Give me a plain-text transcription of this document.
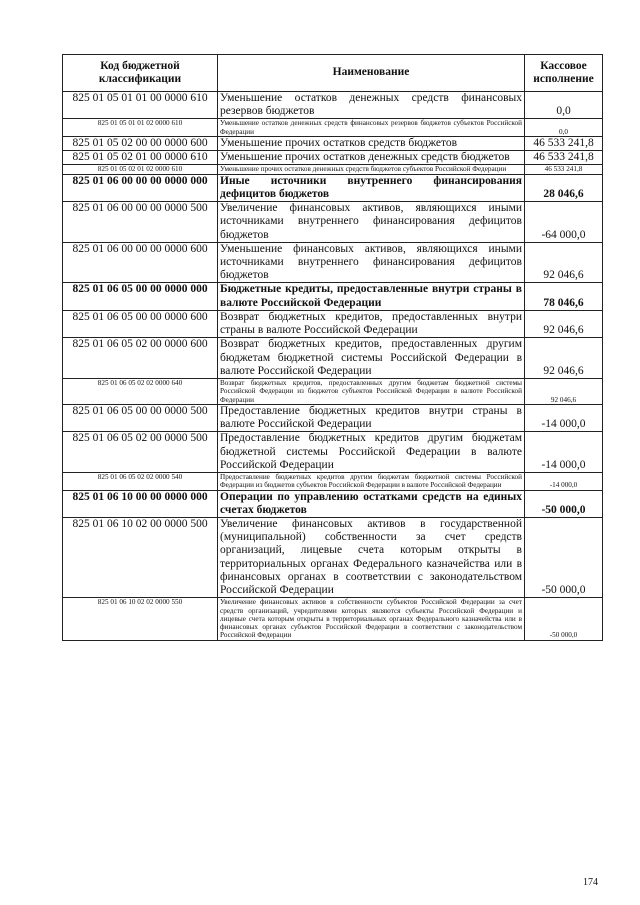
Код бюджетной классификации	Наименование	Кассовое исполнение
825 01 05 01 01 00 0000 610	Уменьшение остатков денежных средств финансовых резервов бюджетов	0,0
825 01 05 01 01 02 0000 610	Уменьшение остатков денежных средств финансовых резервов бюджетов субъектов Российской Федерации	0,0
825 01 05 02 00 00 0000 600	Уменьшение прочих остатков средств бюджетов	46 533 241,8
825 01 05 02 01 00 0000 610	Уменьшение прочих остатков денежных средств бюджетов	46 533 241,8
825 01 05 02 01 02 0000 610	Уменьшение прочих остатков денежных средств бюджетов субъектов Российской Федерации	46 533 241,8
825 01 06 00 00 00 0000 000	Иные источники внутреннего финансирования дефицитов бюджетов	28 046,6
825 01 06 00 00 00 0000 500	Увеличение финансовых активов, являющихся иными источниками внутреннего финансирования дефицитов бюджетов	-64 000,0
825 01 06 00 00 00 0000 600	Уменьшение финансовых активов, являющихся иными источниками внутреннего финансирования дефицитов бюджетов	92 046,6
825 01 06 05 00 00 0000 000	Бюджетные кредиты, предоставленные внутри страны в валюте Российской Федерации	78 046,6
825 01 06 05 00 00 0000 600	Возврат бюджетных кредитов, предоставленных внутри страны в валюте Российской Федерации	92 046,6
825 01 06 05 02 00 0000 600	Возврат бюджетных кредитов, предоставленных другим бюджетам бюджетной системы Российской Федерации в валюте Российской Федерации	92 046,6
825 01 06 05 02 02 0000 640	Возврат бюджетных кредитов, предоставленных другим бюджетам бюджетной системы Российской Федерации из бюджетов субъектов Российской Федерации в валюте Российской Федерации	92 046,6
825 01 06 05 00 00 0000 500	Предоставление бюджетных кредитов внутри страны в валюте Российской Федерации	-14 000,0
825 01 06 05 02 00 0000 500	Предоставление бюджетных кредитов другим бюджетам бюджетной системы Российской Федерации в валюте Российской Федерации	-14 000,0
825 01 06 05 02 02 0000 540	Предоставление бюджетных кредитов другим бюджетам бюджетной системы Российской Федерации из бюджетов субъектов Российской Федерации в валюте Российской Федерации	-14 000,0
825 01 06 10 00 00 0000 000	Операции по управлению остатками средств на единых счетах бюджетов	-50 000,0
825 01 06 10 02 00 0000 500	Увеличение финансовых активов в государственной (муниципальной) собственности за счет средств организаций, лицевые счета которым открыты в территориальных органах Федерального казначейства или в финансовых органах в соответствии с законодательством Российской Федерации	-50 000,0
825 01 06 10 02 02 0000 550	Увеличение финансовых активов в собственности субъектов Российской Федерации за счет средств организаций, учредителями которых являются субъекты Российской Федерации и лицевые счета которым открыты в территориальных органах Федерального казначейства или в финансовых органах субъектов Российской Федерации в соответствии с законодательством Российской Федерации	-50 000,0
174
